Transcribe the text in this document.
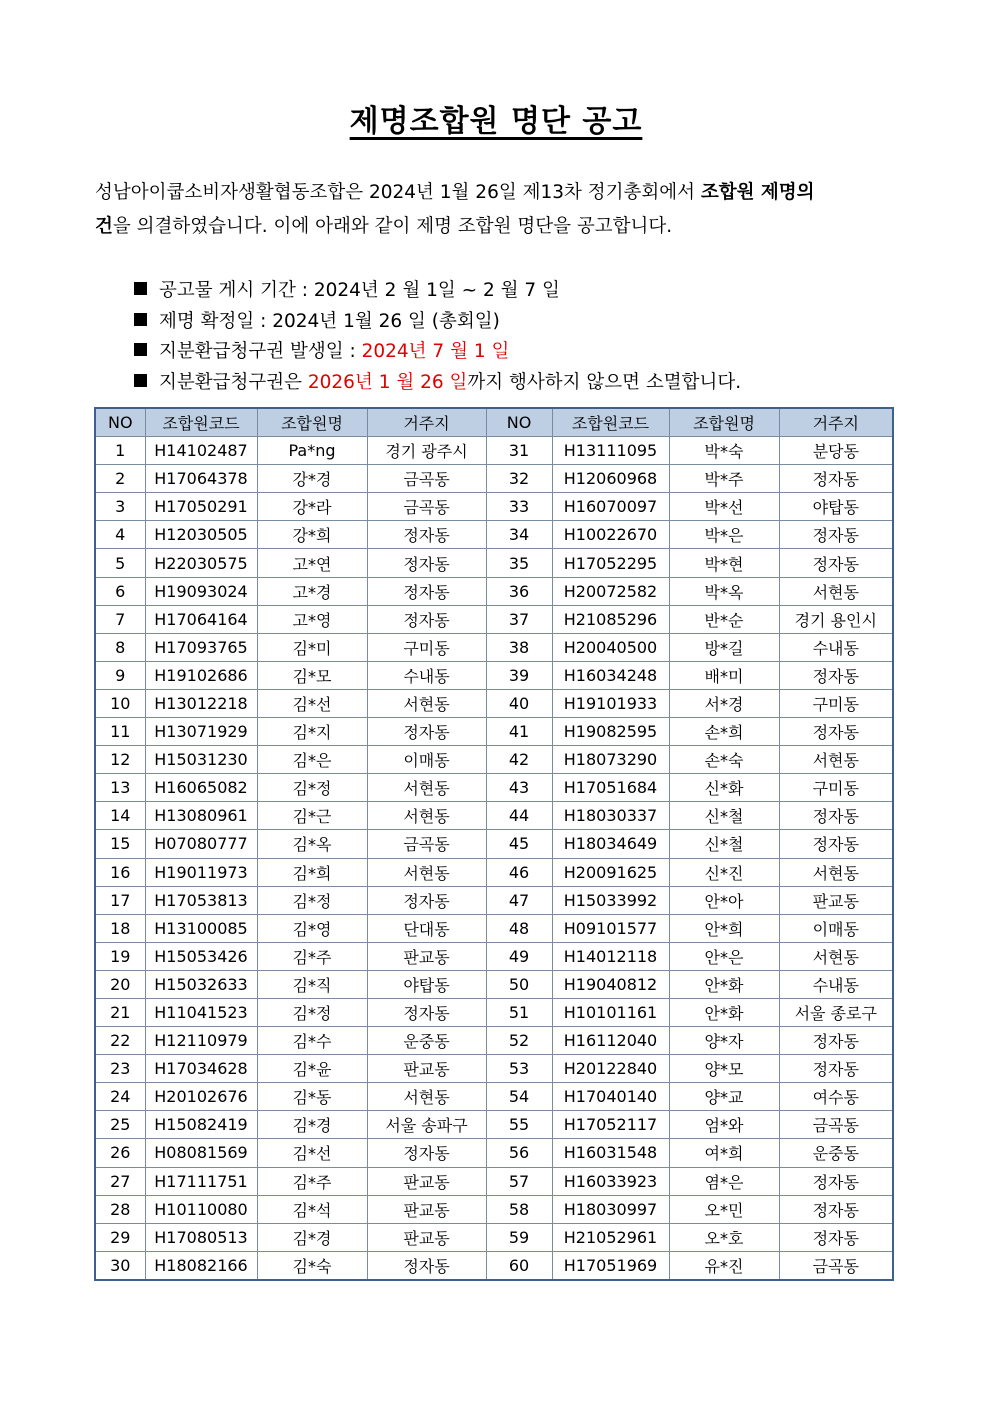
제명조합원 명단 공고
성남아이쿱소비자생활협동조합은 2024년 1월 26일 제13차 정기총회에서 조합원 제명의
건을 의결하였습니다. 이에 아래와 같이 제명 조합원 명단을 공고합니다.
공고물 게시 기간 : 2024년 2 월 1일 ~ 2 월 7 일
제명 확정일 : 2024년 1월 26 일 (총회일)
지분환급청구권 발생일 : 2024년 7 월 1 일
지분환급청구권은 2026년 1 월 26 일까지 행사하지 않으면 소멸합니다.
NO	조합원코드	조합원명	거주지	NO	조합원코드	조합원명	거주지
1	H14102487	Pa*ng	경기 광주시	31	H13111095	박*숙	분당동
2	H17064378	강*경	금곡동	32	H12060968	박*주	정자동
3	H17050291	강*라	금곡동	33	H16070097	박*선	야탑동
4	H12030505	강*희	정자동	34	H10022670	박*은	정자동
5	H22030575	고*연	정자동	35	H17052295	박*현	정자동
6	H19093024	고*경	정자동	36	H20072582	박*옥	서현동
7	H17064164	고*영	정자동	37	H21085296	반*순	경기 용인시
8	H17093765	김*미	구미동	38	H20040500	방*길	수내동
9	H19102686	김*모	수내동	39	H16034248	배*미	정자동
10	H13012218	김*선	서현동	40	H19101933	서*경	구미동
11	H13071929	김*지	정자동	41	H19082595	손*희	정자동
12	H15031230	김*은	이매동	42	H18073290	손*숙	서현동
13	H16065082	김*정	서현동	43	H17051684	신*화	구미동
14	H13080961	김*근	서현동	44	H18030337	신*철	정자동
15	H07080777	김*옥	금곡동	45	H18034649	신*철	정자동
16	H19011973	김*희	서현동	46	H20091625	신*진	서현동
17	H17053813	김*정	정자동	47	H15033992	안*아	판교동
18	H13100085	김*영	단대동	48	H09101577	안*희	이매동
19	H15053426	김*주	판교동	49	H14012118	안*은	서현동
20	H15032633	김*직	야탑동	50	H19040812	안*화	수내동
21	H11041523	김*정	정자동	51	H10101161	안*화	서울 종로구
22	H12110979	김*수	운중동	52	H16112040	양*자	정자동
23	H17034628	김*윤	판교동	53	H20122840	양*모	정자동
24	H20102676	김*동	서현동	54	H17040140	양*교	여수동
25	H15082419	김*경	서울 송파구	55	H17052117	엄*와	금곡동
26	H08081569	김*선	정자동	56	H16031548	여*희	운중동
27	H17111751	김*주	판교동	57	H16033923	염*은	정자동
28	H10110080	김*석	판교동	58	H18030997	오*민	정자동
29	H17080513	김*경	판교동	59	H21052961	오*호	정자동
30	H18082166	김*숙	정자동	60	H17051969	유*진	금곡동
